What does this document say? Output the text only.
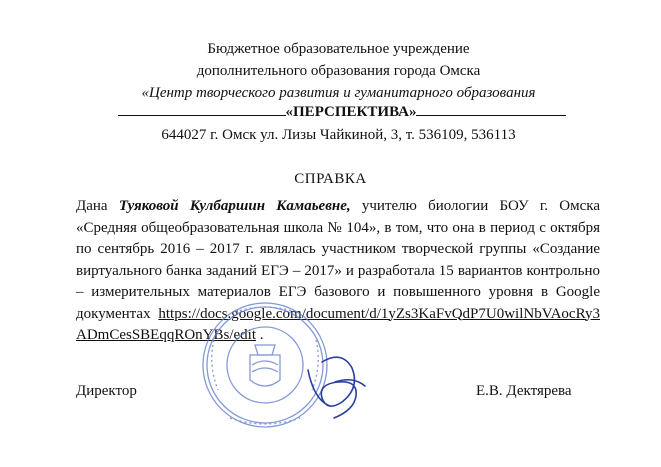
Бюджетное образовательное учреждение
дополнительного образования города Омска
«Центр творческого развития и гуманитарного образования
«ПЕРСПЕКТИВА»
644027 г. Омск ул. Лизы Чайкиной, 3, т. 536109, 536113
СПРАВКА
Дана Туяковой Кулбаршин Камаьевне, учителю биологии БОУ г. Омска «Средняя общеобразовательная школа № 104», в том, что она в период с октября по сентябрь 2016 – 2017 г. являлась участником творческой группы «Создание виртуального банка заданий ЕГЭ – 2017» и разработала 15 вариантов контрольно – измерительных материалов ЕГЭ базового и повышенного уровня в Google документах https://docs.google.com/document/d/1yZs3KaFvQdP7U0wilNbVAocRy3ADmCesSBEqqROnYBs/edit .
Директор	Е.В. Дектярева
